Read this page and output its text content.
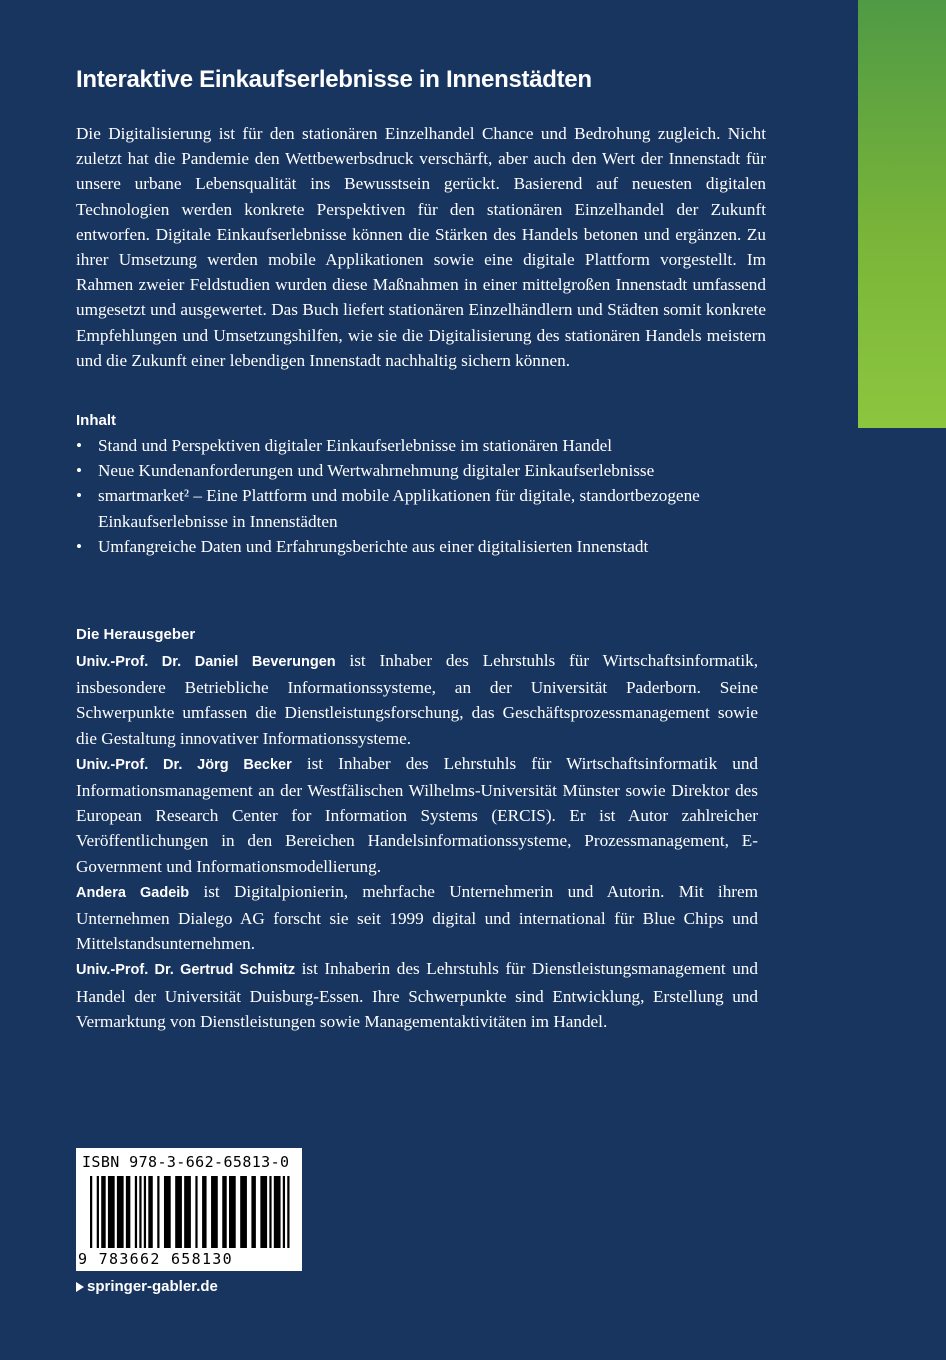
Interaktive Einkaufserlebnisse in Innenstädten
Die Digitalisierung ist für den stationären Einzelhandel Chance und Bedrohung zugleich. Nicht zuletzt hat die Pandemie den Wettbewerbsdruck verschärft, aber auch den Wert der Innenstadt für unsere urbane Lebensqualität ins Bewusstsein gerückt. Basierend auf neuesten digitalen Technologien werden konkrete Perspektiven für den stationären Einzelhandel der Zukunft entworfen. Digitale Einkaufserlebnisse können die Stärken des Handels betonen und ergänzen. Zu ihrer Umsetzung werden mobile Applikationen sowie eine digitale Plattform vorgestellt. Im Rahmen zweier Feldstudien wurden diese Maßnahmen in einer mittelgroßen Innenstadt umfassend umgesetzt und ausgewertet. Das Buch liefert stationären Einzelhändlern und Städten somit konkrete Empfehlungen und Umsetzungshilfen, wie sie die Digitalisierung des stationären Handels meistern und die Zukunft einer lebendigen Innenstadt nachhaltig sichern können.
Inhalt
• Stand und Perspektiven digitaler Einkaufserlebnisse im stationären Handel
• Neue Kundenanforderungen und Wertwahrnehmung digitaler Einkaufserlebnisse
• smartmarket² – Eine Plattform und mobile Applikationen für digitale, standortbezogene Einkaufserlebnisse in Innenstädten
• Umfangreiche Daten und Erfahrungsberichte aus einer digitalisierten Innenstadt
Die Herausgeber

Univ.-Prof. Dr. Daniel Beverungen ist Inhaber des Lehrstuhls für Wirtschaftsinformatik, insbesondere Betriebliche Informationssysteme, an der Universität Paderborn. Seine Schwerpunkte umfassen die Dienstleistungsforschung, das Geschäftsprozessmanagement sowie die Gestaltung innovativer Informationssysteme.

Univ.-Prof. Dr. Jörg Becker ist Inhaber des Lehrstuhls für Wirtschaftsinformatik und Informationsmanagement an der Westfälischen Wilhelms-Universität Münster sowie Direktor des European Research Center for Information Systems (ERCIS). Er ist Autor zahlreicher Veröffentlichungen in den Bereichen Handelsinformationssysteme, Prozessmanagement, E-Government und Informationsmodellierung.

Andera Gadeib ist Digitalpionierin, mehrfache Unternehmerin und Autorin. Mit ihrem Unternehmen Dialego AG forscht sie seit 1999 digital und international für Blue Chips und Mittelstandsunternehmen.

Univ.-Prof. Dr. Gertrud Schmitz ist Inhaberin des Lehrstuhls für Dienstleistungsmanagement und Handel der Universität Duisburg-Essen. Ihre Schwerpunkte sind Entwicklung, Erstellung und Vermarktung von Dienstleistungen sowie Managementaktivitäten im Handel.

ISBN 978-3-662-65813-0
9 783662 658130
springer-gabler.de
